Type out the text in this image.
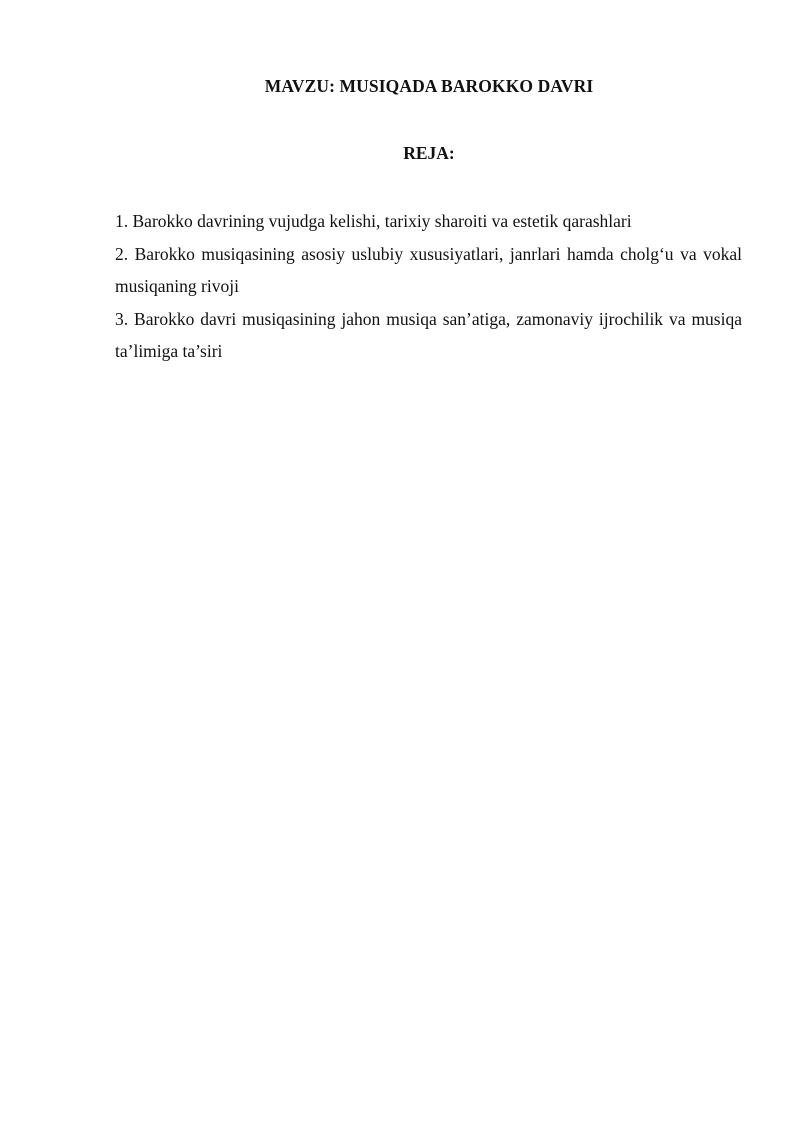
MAVZU: MUSIQADA BAROKKO DAVRI
REJA:

1. Barokko davrining vujudga kelishi, tarixiy sharoiti va estetik qarashlari

2. Barokko musiqasining asosiy uslubiy xususiyatlari, janrlari hamda cholg‘u va vokal musiqaning rivoji

3. Barokko davri musiqasining jahon musiqa san’atiga, zamonaviy ijrochilik va musiqa ta’limiga ta’siri
